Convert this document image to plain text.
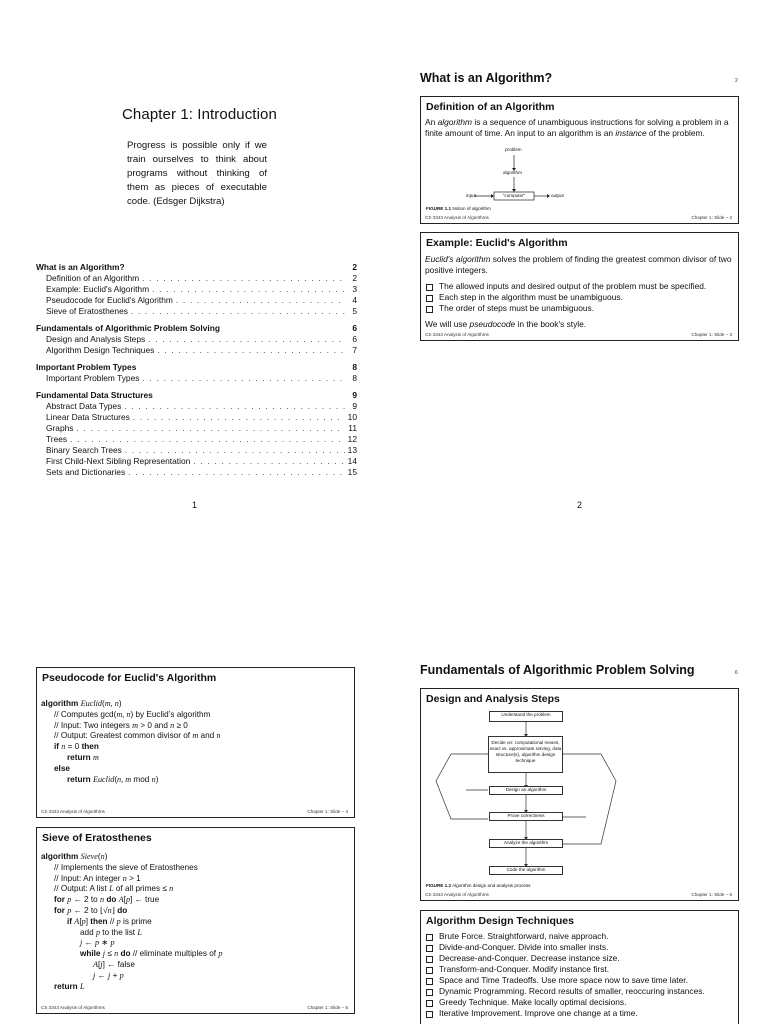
Chapter 1: Introduction
Progress is possible only if we train ourselves to think about programs without thinking of them as pieces of executable code. (Edsger Dijkstra)
What is an Algorithm?	2
Definition of an Algorithm . . .	2
Example: Euclid's Algorithm . . .	3
Pseudocode for Euclid's Algorithm . . .	4
Sieve of Eratosthenes . . .	5
Fundamentals of Algorithmic Problem Solving	6
Design and Analysis Steps . . .	6
Algorithm Design Techniques . . .	7
Important Problem Types	8
Important Problem Types . . .	8
Fundamental Data Structures	9
Abstract Data Types . . .	9
Linear Data Structures . . .	10
Graphs . . .	11
Trees . . .	12
Binary Search Trees . . .	13
First Child-Next Sibling Representation . . .	14
Sets and Dictionaries . . .	15
1
What is an Algorithm?	2
Definition of an Algorithm
An algorithm is a sequence of unambiguous instructions for solving a problem in a finite amount of time. An input to an algorithm is an instance of the problem.
problem
algorithm
"computer"
input	output
FIGURE 1.1 Notion of algorithm
CS 3343 Analysis of Algorithms	Chapter 1: Slide – 2
Example: Euclid's Algorithm
Euclid's algorithm solves the problem of finding the greatest common divisor of two positive integers.
The allowed inputs and desired output of the problem must be specified.
Each step in the algorithm must be unambiguous.
The order of steps must be unambiguous.
We will use pseudocode in the book's style.
CS 3343 Analysis of Algorithms	Chapter 1: Slide – 3
2
Pseudocode for Euclid's Algorithm
algorithm Euclid(m, n)
// Computes gcd(m, n) by Euclid’s algorithm
// Input: Two integers m > 0 and n ≥ 0
// Output: Greatest common divisor of m and n
if n = 0 then
return m
else
return Euclid(n, m mod n)
CS 3343 Analysis of Algorithms	Chapter 1: Slide – 4
Sieve of Eratosthenes
algorithm Sieve(n)
// Implements the sieve of Eratosthenes
// Input: An integer n > 1
// Output: A list L of all primes ≤ n
for p ← 2 to n do A[p] ← true
for p ← 2 to ⌊√n⌋ do
if A[p] then // p is prime
add p to the list L
j ← p ∗ p
while j ≤ n do // eliminate multiples of p
A[j] ← false
j ← j + p
return L
CS 3343 Analysis of Algorithms	Chapter 1: Slide – 5
Fundamentals of Algorithmic Problem Solving	6
Design and Analysis Steps
Understand the problem
Decide on: computational means, exact vs. approximate solving, data structure(s), algorithm design technique
Design an algorithm
Prove correctness
Analyze the algorithm
Code the algorithm
FIGURE 1.2 Algorithm design and analysis process
CS 3343 Analysis of Algorithms	Chapter 1: Slide – 6
Algorithm Design Techniques
Brute Force. Straightforward, naive approach.
Divide-and-Conquer. Divide into smaller insts.
Decrease-and-Conquer. Decrease instance size.
Transform-and-Conquer. Modify instance first.
Space and Time Tradeoffs. Use more space now to save time later.
Dynamic Programming. Record results of smaller, reoccuring instances.
Greedy Technique. Make locally optimal decisions.
Iterative Improvement. Improve one change at a time.
